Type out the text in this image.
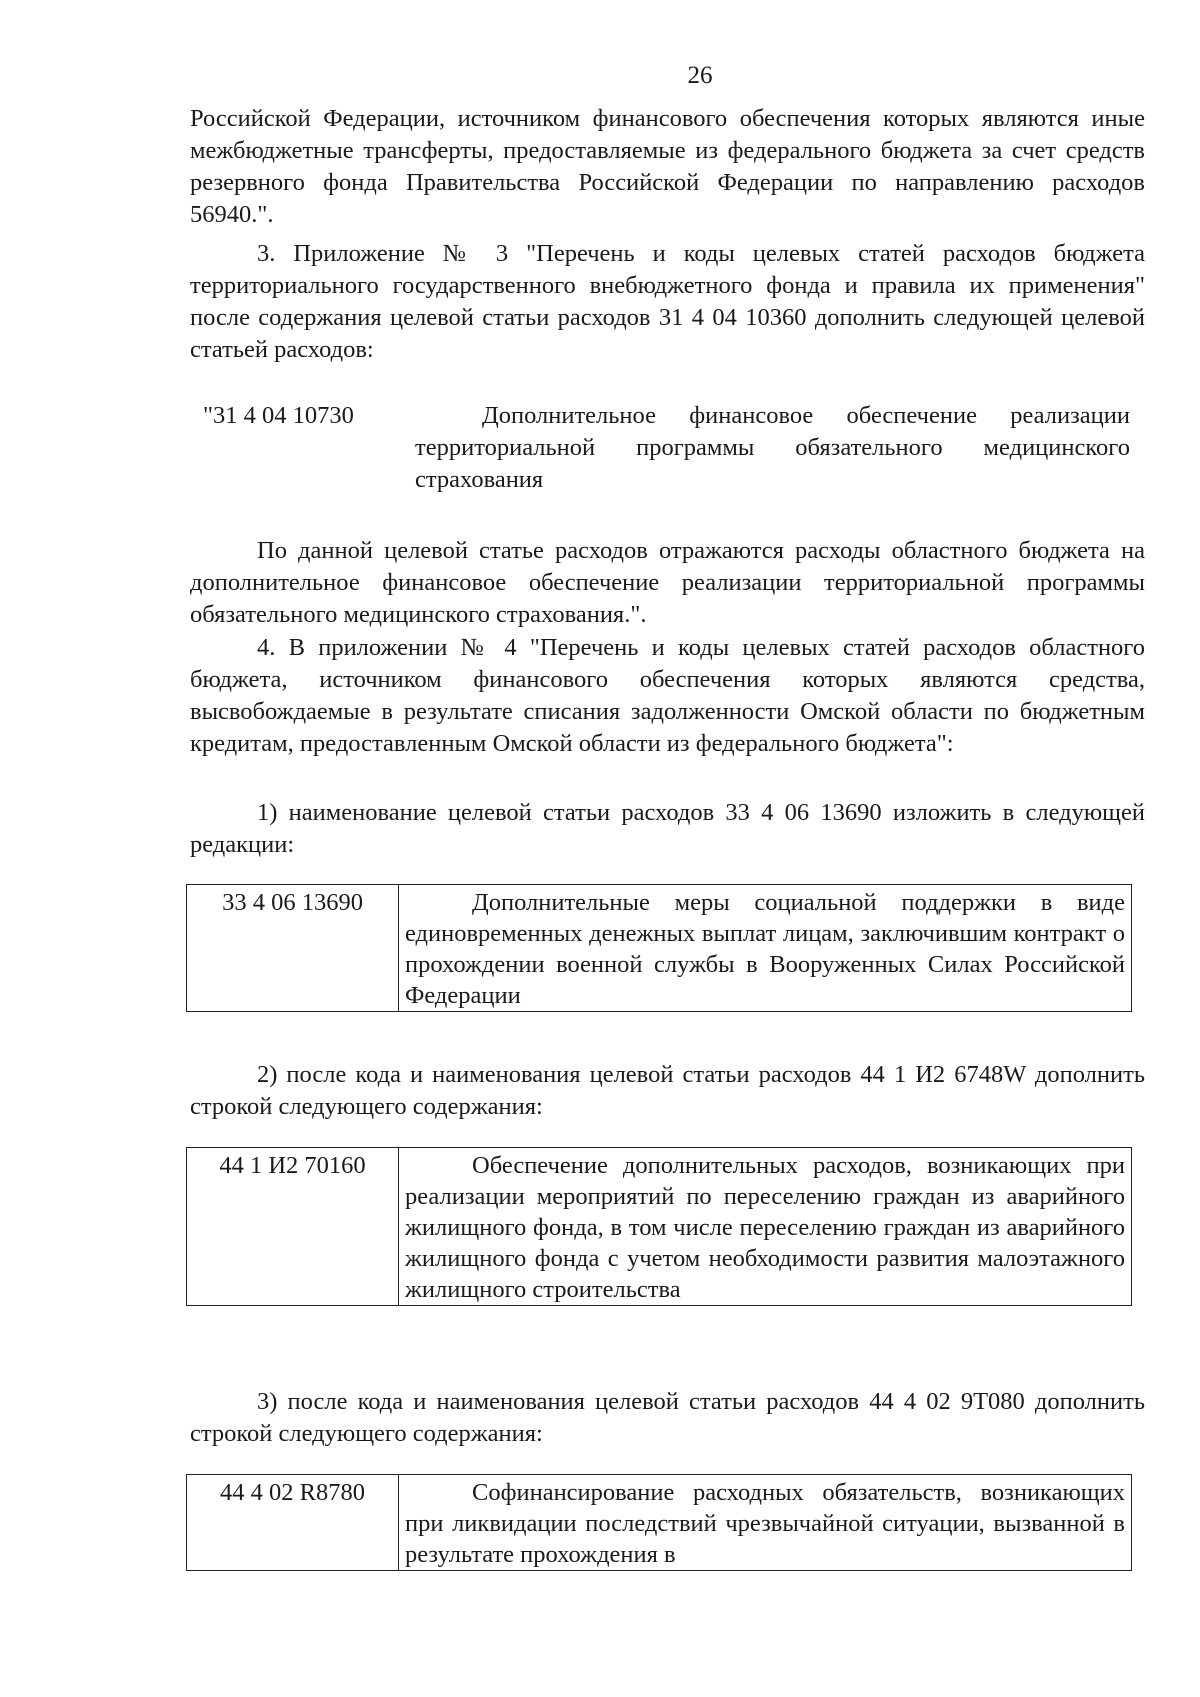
26
Российской Федерации, источником финансового обеспечения которых являются иные межбюджетные трансферты, предоставляемые из федерального бюджета за счет средств резервного фонда Правительства Российской Федерации по направлению расходов 56940.".
3. Приложение № 3 "Перечень и коды целевых статей расходов бюджета территориального государственного внебюджетного фонда и правила их применения" после содержания целевой статьи расходов 31 4 04 10360 дополнить следующей целевой статьей расходов:
"31 4 04 10730	Дополнительное финансовое обеспечение реализации территориальной программы обязательного медицинского страхования
По данной целевой статье расходов отражаются расходы областного бюджета на дополнительное финансовое обеспечение реализации территориальной программы обязательного медицинского страхования.".
4. В приложении № 4 "Перечень и коды целевых статей расходов областного бюджета, источником финансового обеспечения которых являются средства, высвобождаемые в результате списания задолженности Омской области по бюджетным кредитам, предоставленным Омской области из федерального бюджета":
1) наименование целевой статьи расходов 33 4 06 13690 изложить в следующей редакции:
33 4 06 13690	Дополнительные меры социальной поддержки в виде единовременных денежных выплат лицам, заключившим контракт о прохождении военной службы в Вооруженных Силах Российской Федерации
2) после кода и наименования целевой статьи расходов 44 1 И2 6748W дополнить строкой следующего содержания:
44 1 И2 70160	Обеспечение дополнительных расходов, возникающих при реализации мероприятий по переселению граждан из аварийного жилищного фонда, в том числе переселению граждан из аварийного жилищного фонда с учетом необходимости развития малоэтажного жилищного строительства
3) после кода и наименования целевой статьи расходов 44 4 02 9Т080 дополнить строкой следующего содержания:
44 4 02 R8780	Софинансирование расходных обязательств, возникающих при ликвидации последствий чрезвычайной ситуации, вызванной в результате прохождения в
